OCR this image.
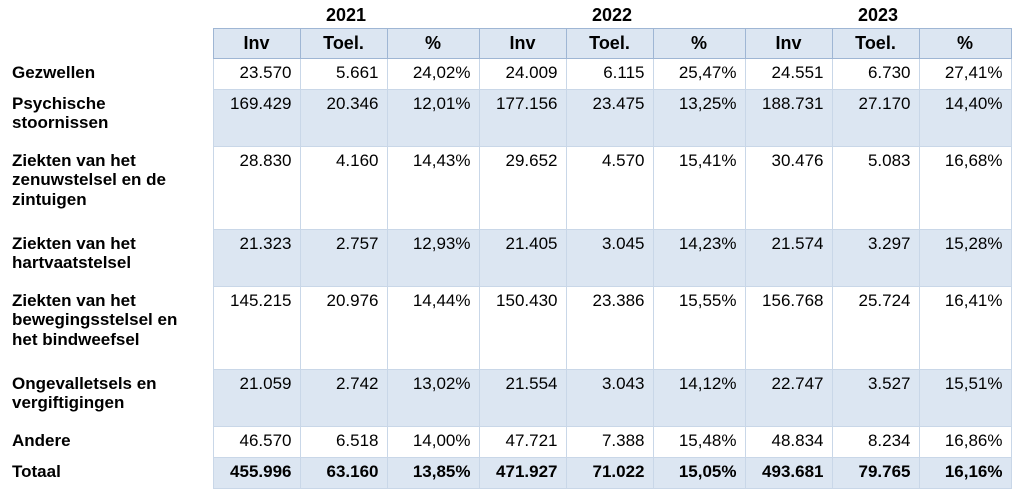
	2021			2022			2023		
	Inv	Toel.	%	Inv	Toel.	%	Inv	Toel.	%
Gezwellen	23.570	5.661	24,02%	24.009	6.115	25,47%	24.551	6.730	27,41%
Psychische stoornissen	169.429	20.346	12,01%	177.156	23.475	13,25%	188.731	27.170	14,40%
Ziekten van het zenuwstelsel en de zintuigen	28.830	4.160	14,43%	29.652	4.570	15,41%	30.476	5.083	16,68%
Ziekten van het hartvaatstelsel	21.323	2.757	12,93%	21.405	3.045	14,23%	21.574	3.297	15,28%
Ziekten van het bewegingsstelsel en het bindweefsel	145.215	20.976	14,44%	150.430	23.386	15,55%	156.768	25.724	16,41%
Ongevalletsels en vergiftigingen	21.059	2.742	13,02%	21.554	3.043	14,12%	22.747	3.527	15,51%
Andere	46.570	6.518	14,00%	47.721	7.388	15,48%	48.834	8.234	16,86%
Totaal	455.996	63.160	13,85%	471.927	71.022	15,05%	493.681	79.765	16,16%
